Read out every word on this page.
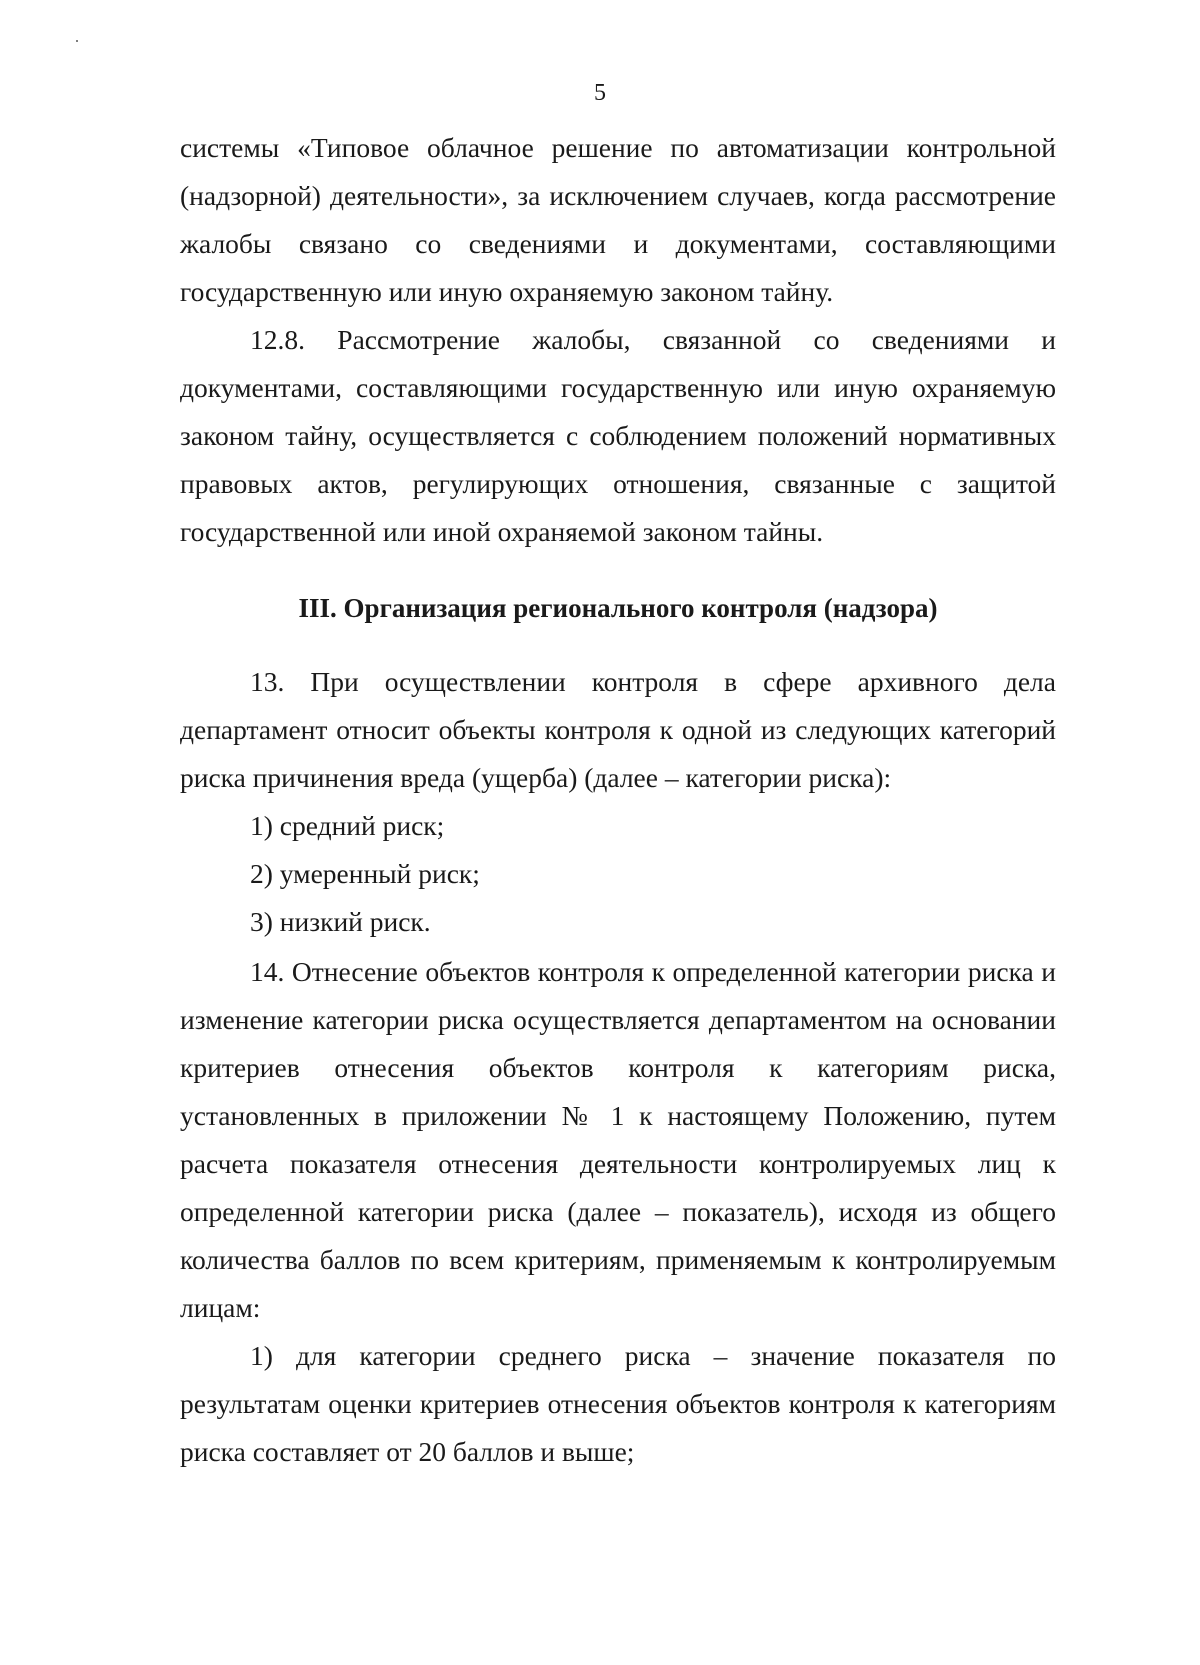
5

системы «Типовое облачное решение по автоматизации контрольной (надзорной) деятельности», за исключением случаев, когда рассмотрение жалобы связано со сведениями и документами, составляющими государственную или иную охраняемую законом тайну.

12.8. Рассмотрение жалобы, связанной со сведениями и документами, составляющими государственную или иную охраняемую законом тайну, осуществляется с соблюдением положений нормативных правовых актов, регулирующих отношения, связанные с защитой государственной или иной охраняемой законом тайны.

III. Организация регионального контроля (надзора)

13. При осуществлении контроля в сфере архивного дела департамент относит объекты контроля к одной из следующих категорий риска причинения вреда (ущерба) (далее – категории риска):

1) средний риск;

2) умеренный риск;

3) низкий риск.

14. Отнесение объектов контроля к определенной категории риска и изменение категории риска осуществляется департаментом на основании критериев отнесения объектов контроля к категориям риска, установленных в приложении № 1 к настоящему Положению, путем расчета показателя отнесения деятельности контролируемых лиц к определенной категории риска (далее – показатель), исходя из общего количества баллов по всем критериям, применяемым к контролируемым лицам:

1) для категории среднего риска – значение показателя по результатам оценки критериев отнесения объектов контроля к категориям риска составляет от 20 баллов и выше;
